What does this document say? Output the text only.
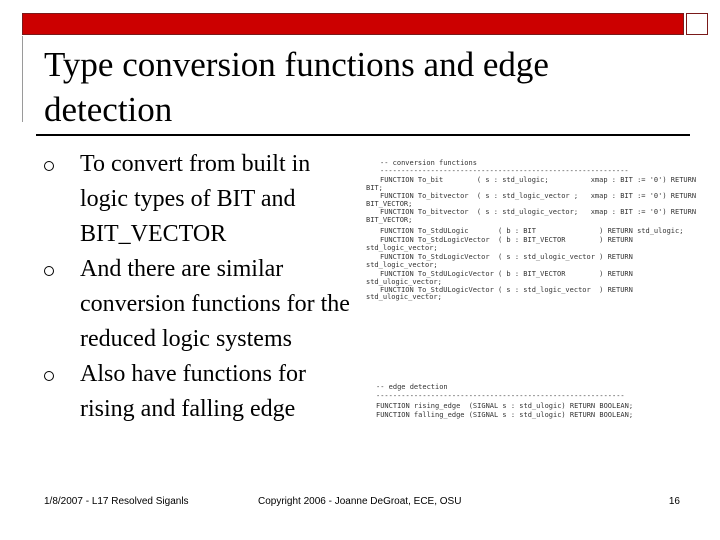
Type conversion functions and edge detection
To convert from built in logic types of BIT and BIT_VECTOR
And there are similar conversion functions for the reduced logic systems
Also have functions for rising and falling edge
-- conversion functions
-----------------------------------------------------------
FUNCTION To_bit        ( s : std_ulogic;          xmap : BIT := '0') RETURN
BIT;
FUNCTION To_bitvector  ( s : std_logic_vector ;   xmap : BIT := '0') RETURN
BIT_VECTOR;
FUNCTION To_bitvector  ( s : std_ulogic_vector;   xmap : BIT := '0') RETURN
BIT_VECTOR;
FUNCTION To_StdULogic       ( b : BIT               ) RETURN std_ulogic;
FUNCTION To_StdLogicVector  ( b : BIT_VECTOR        ) RETURN
std_logic_vector;
FUNCTION To_StdLogicVector  ( s : std_ulogic_vector ) RETURN
std_logic_vector;
FUNCTION To_StdULogicVector ( b : BIT_VECTOR        ) RETURN
std_ulogic_vector;
FUNCTION To_StdULogicVector ( s : std_logic_vector  ) RETURN
std_ulogic_vector;
-- edge detection
-----------------------------------------------------------
FUNCTION rising_edge  (SIGNAL s : std_ulogic) RETURN BOOLEAN;
FUNCTION falling_edge (SIGNAL s : std_ulogic) RETURN BOOLEAN;
1/8/2007 - L17 Resolved Siganls	Copyright 2006 - Joanne DeGroat, ECE, OSU	16
